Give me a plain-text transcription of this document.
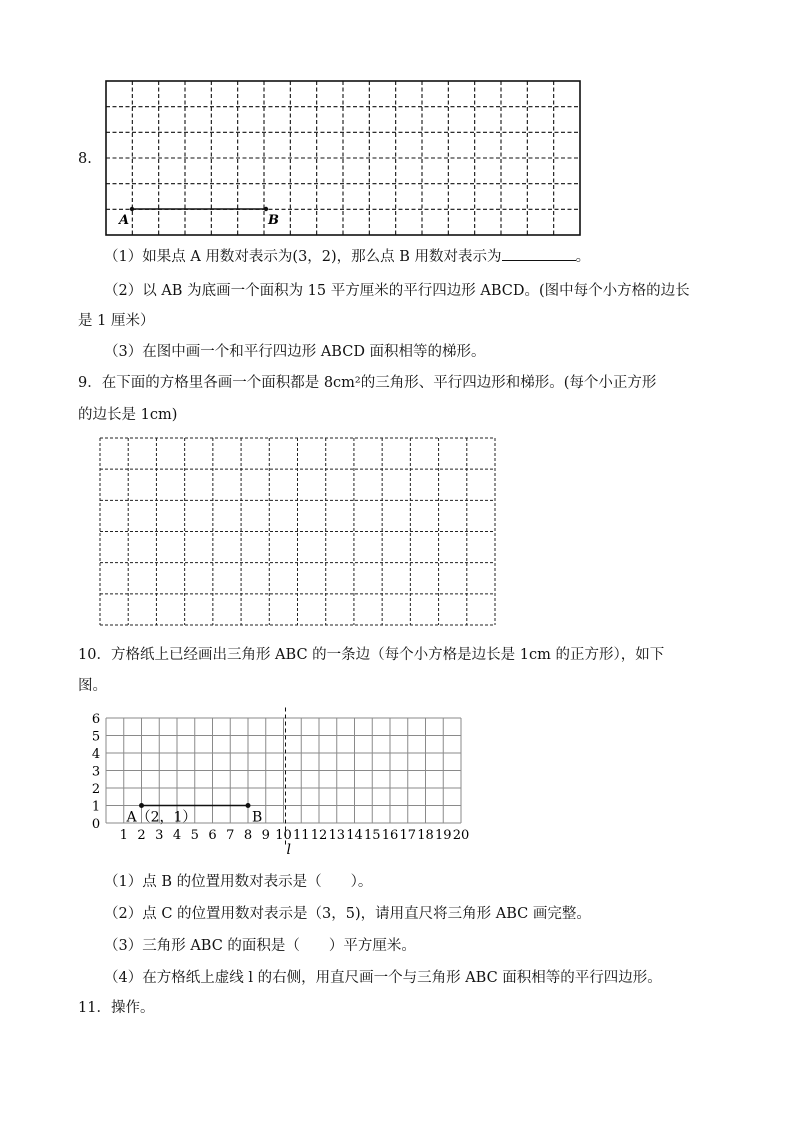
8.
A	B
（1）如果点 A 用数对表示为(3，2)，那么点 B 用数对表示为	。
（2）以 AB 为底画一个面积为 15 平方厘米的平行四边形 ABCD。(图中每个小方格的边长
是 1 厘米）
（3）在图中画一个和平行四边形 ABCD 面积相等的梯形。
9．在下面的方格里各画一个面积都是 8cm²的三角形、平行四边形和梯形。(每个小正方形
的边长是 1cm)
10．方格纸上已经画出三角形 ABC 的一条边（每个小方格是边长是 1cm 的正方形），如下
图。
0
1
2
3
4
5
6
1 2 3 4 5 6 7 8 9 10 11 12 13 14 15 16 17 18 19 20
A（2，1）	B
l
（1）点 B 的位置用数对表示是（　　）。
（2）点 C 的位置用数对表示是（3，5)，请用直尺将三角形 ABC 画完整。
（3）三角形 ABC 的面积是（　　）平方厘米。
（4）在方格纸上虚线 l 的右侧，用直尺画一个与三角形 ABC 面积相等的平行四边形。
11．操作。
